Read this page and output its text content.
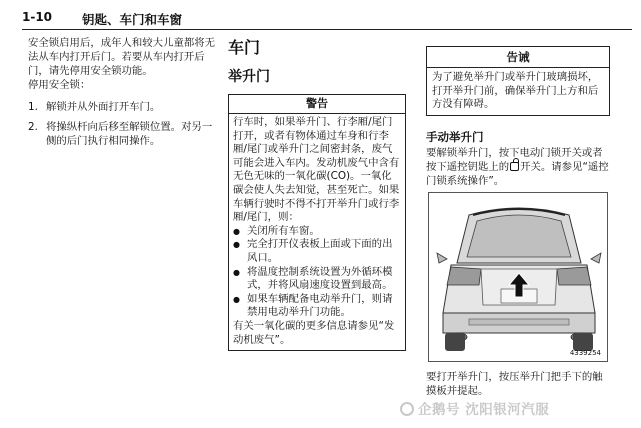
1-10 钥匙、车门和车窗

安全锁启用后，成年人和较大儿童都将无法从车内打开后门。若要从车内打开后门，请先停用安全锁功能。

停用安全锁：

1. 解锁并从外面打开车门。
2. 将操纵杆向后移至解锁位置。对另一侧的后门执行相同操作。
车门
举升门
警告
行车时，如果举升门、行李厢/尾门打开，或者有物体通过车身和行李厢/尾门或举升门之间密封条，废气可能会进入车内。发动机废气中含有无色无味的一氧化碳(CO)。一氧化碳会使人失去知觉，甚至死亡。如果车辆行驶时不得不打开举升门或行李厢/尾门，则：
● 关闭所有车窗。
● 完全打开仪表板上面或下面的出风口。
● 将温度控制系统设置为外循环模式，并将风扇速度设置到最高。
● 如果车辆配备电动举升门，则请禁用电动举升门功能。
有关一氧化碳的更多信息请参见“发动机废气”。
告诫
为了避免举升门或举升门玻璃损坏，打开举升门前，确保举升门上方和后方没有障碍。
手动举升门
要解锁举升门，按下电动门锁开关或者按下遥控钥匙上的 开关。请参见“遥控门锁系统操作”。
4339254
要打开举升门，按压举升门把手下的触摸板并提起。
企鹅号 沈阳银河汽服
